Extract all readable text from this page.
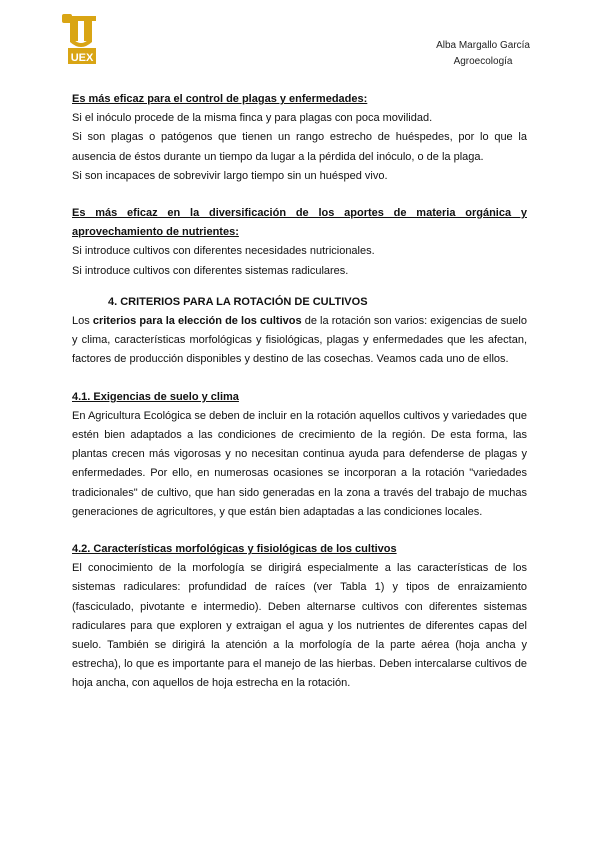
UEX
Alba Margallo García
Agroecología

Es más eficaz para el control de plagas y enfermedades:

Si el inóculo procede de la misma finca y para plagas con poca movilidad.

Si son plagas o patógenos que tienen un rango estrecho de huéspedes, por lo que la ausencia de éstos durante un tiempo da lugar a la pérdida del inóculo, o de la plaga.

Si son incapaces de sobrevivir largo tiempo sin un huésped vivo.

Es más eficaz en la diversificación de los aportes de materia orgánica y aprovechamiento de nutrientes:

Si introduce cultivos con diferentes necesidades nutricionales.

Si introduce cultivos con diferentes sistemas radiculares.

4. CRITERIOS PARA LA ROTACIÓN DE CULTIVOS

Los criterios para la elección de los cultivos de la rotación son varios: exigencias de suelo y clima, características morfológicas y fisiológicas, plagas y enfermedades que les afectan, factores de producción disponibles y destino de las cosechas. Veamos cada uno de ellos.

4.1. Exigencias de suelo y clima

En Agricultura Ecológica se deben de incluir en la rotación aquellos cultivos y variedades que estén bien adaptados a las condiciones de crecimiento de la región. De esta forma, las plantas crecen más vigorosas y no necesitan continua ayuda para defenderse de plagas y enfermedades. Por ello, en numerosas ocasiones se incorporan a la rotación "variedades tradicionales" de cultivo, que han sido generadas en la zona a través del trabajo de muchas generaciones de agricultores, y que están bien adaptadas a las condiciones locales.

4.2. Características morfológicas y fisiológicas de los cultivos

El conocimiento de la morfología se dirigirá especialmente a las características de los sistemas radiculares: profundidad de raíces (ver Tabla 1) y tipos de enraizamiento (fasciculado, pivotante e intermedio). Deben alternarse cultivos con diferentes sistemas radiculares para que exploren y extraigan el agua y los nutrientes de diferentes capas del suelo. También se dirigirá la atención a la morfología de la parte aérea (hoja ancha y estrecha), lo que es importante para el manejo de las hierbas. Deben intercalarse cultivos de hoja ancha, con aquellos de hoja estrecha en la rotación.
